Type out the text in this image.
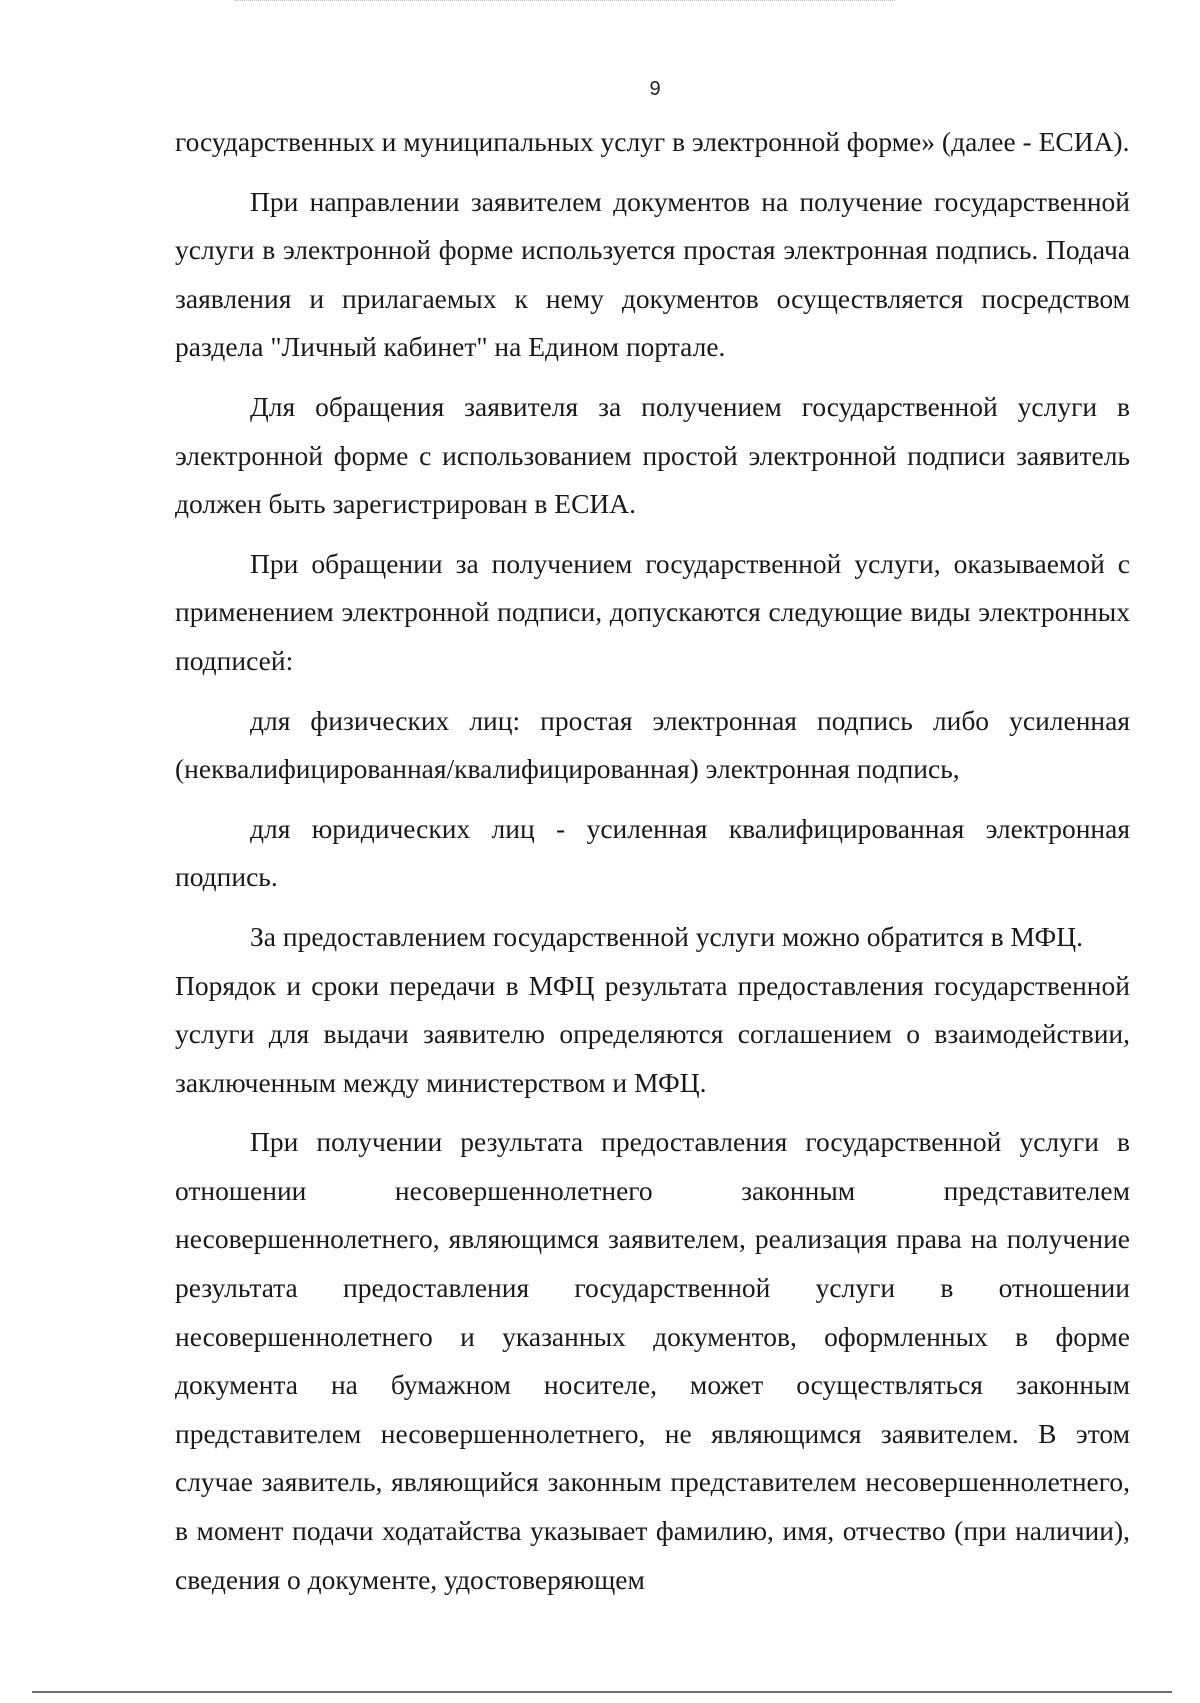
9

государственных и муниципальных услуг в электронной форме» (далее - ЕСИА).

При направлении заявителем документов на получение государственной услуги в электронной форме используется простая электронная подпись. Подача заявления и прилагаемых к нему документов осуществляется посредством раздела "Личный кабинет" на Едином портале.

Для обращения заявителя за получением государственной услуги в электронной форме с использованием простой электронной подписи заявитель должен быть зарегистрирован в ЕСИА.

При обращении за получением государственной услуги, оказываемой с применением электронной подписи, допускаются следующие виды электронных подписей:

для физических лиц: простая электронная подпись либо усиленная (неквалифицированная/квалифицированная) электронная подпись,

для юридических лиц - усиленная квалифицированная электронная подпись.

За предоставлением государственной услуги можно обратится в МФЦ.

Порядок и сроки передачи в МФЦ результата предоставления государственной услуги для выдачи заявителю определяются соглашением о взаимодействии, заключенным между министерством и МФЦ.

При получении результата предоставления государственной услуги в отношении несовершеннолетнего законным представителем несовершеннолетнего, являющимся заявителем, реализация права на получение результата предоставления государственной услуги в отношении несовершеннолетнего и указанных документов, оформленных в форме документа на бумажном носителе, может осуществляться законным представителем несовершеннолетнего, не являющимся заявителем. В этом случае заявитель, являющийся законным представителем несовершеннолетнего, в момент подачи ходатайства указывает фамилию, имя, отчество (при наличии), сведения о документе, удостоверяющем
